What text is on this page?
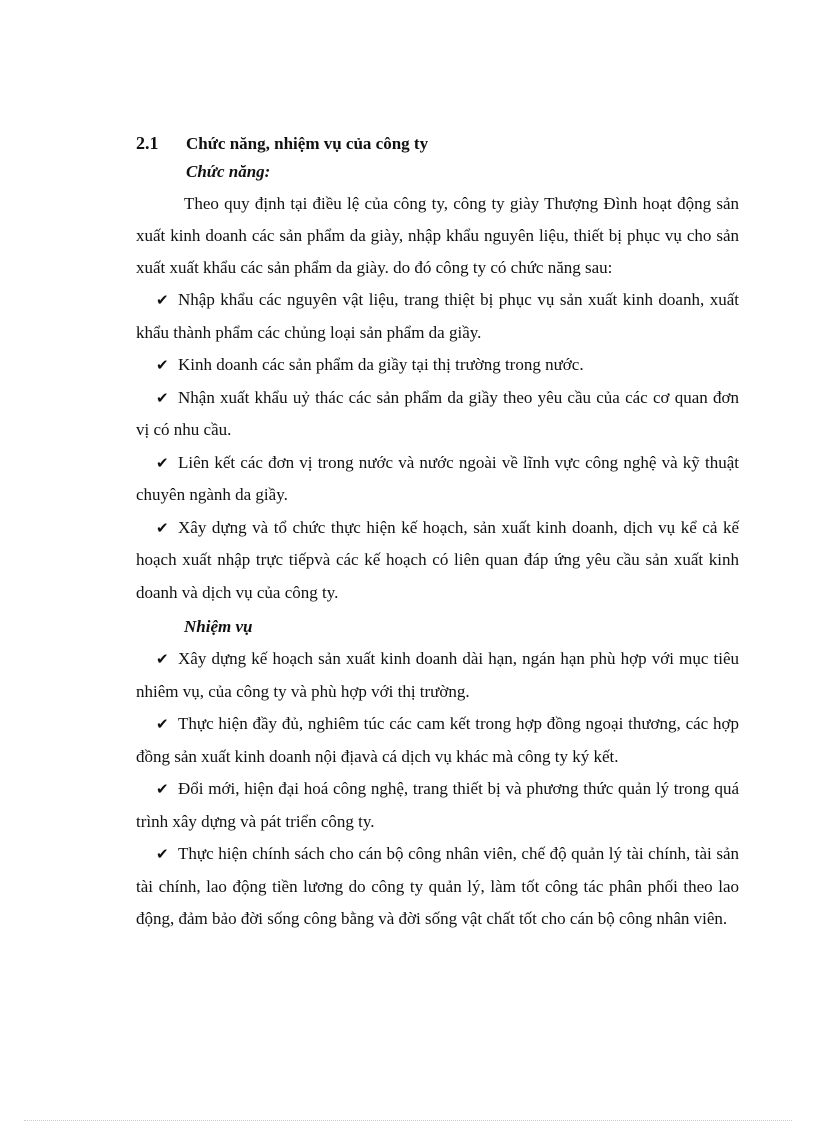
2.1	Chức năng, nhiệm vụ của công ty
Chức năng:

Theo quy định tại điều lệ của công ty, công ty giày Thượng Đình hoạt động sản xuất kinh doanh các sản phẩm da giày, nhập khẩu nguyên liệu, thiết bị phục vụ cho sản xuất xuất khẩu các sản phẩm da giày. do đó công ty có chức năng sau:

✔ Nhập khẩu các nguyên vật liệu, trang thiệt bị phục vụ sản xuất kinh doanh, xuất khẩu thành phẩm các chủng loại sản phẩm da giầy.

✔ Kinh doanh các sản phẩm da giầy tại thị trường trong nước.

✔ Nhận xuất khẩu uỷ thác các sản phẩm da giầy theo yêu cầu của các cơ quan đơn vị có nhu cầu.

✔ Liên kết các đơn vị trong nước và nước ngoài về lĩnh vực công nghệ và kỹ thuật chuyên ngành da giầy.

✔ Xây dựng và tổ chức thực hiện kế hoạch, sản xuất kinh doanh, dịch vụ kể cả kế hoạch xuất nhập trực tiếpvà các kế hoạch có liên quan đáp ứng yêu cầu sản xuất kinh doanh và dịch vụ của công ty.

Nhiệm vụ

✔ Xây dựng kế hoạch sản xuất kinh doanh dài hạn, ngán hạn phù hợp với mục tiêu nhiêm vụ, của công ty và phù hợp với thị trường.

✔ Thực hiện đầy đủ, nghiêm túc các cam kết trong hợp đồng ngoại thương, các hợp đồng sản xuất kinh doanh nội địavà cá dịch vụ khác mà công ty ký kết.

✔ Đổi mới, hiện đại hoá công nghệ, trang thiết bị và phương thức quản lý trong quá trình xây dựng và pát triển công ty.

✔ Thực hiện chính sách cho cán bộ công nhân viên, chế độ quản lý tài chính, tài sản tài chính, lao động tiền lương do công ty quản lý, làm tốt công tác phân phối theo lao động, đảm bảo đời sống công bằng và đời sống vật chất tốt cho cán bộ công nhân viên.
